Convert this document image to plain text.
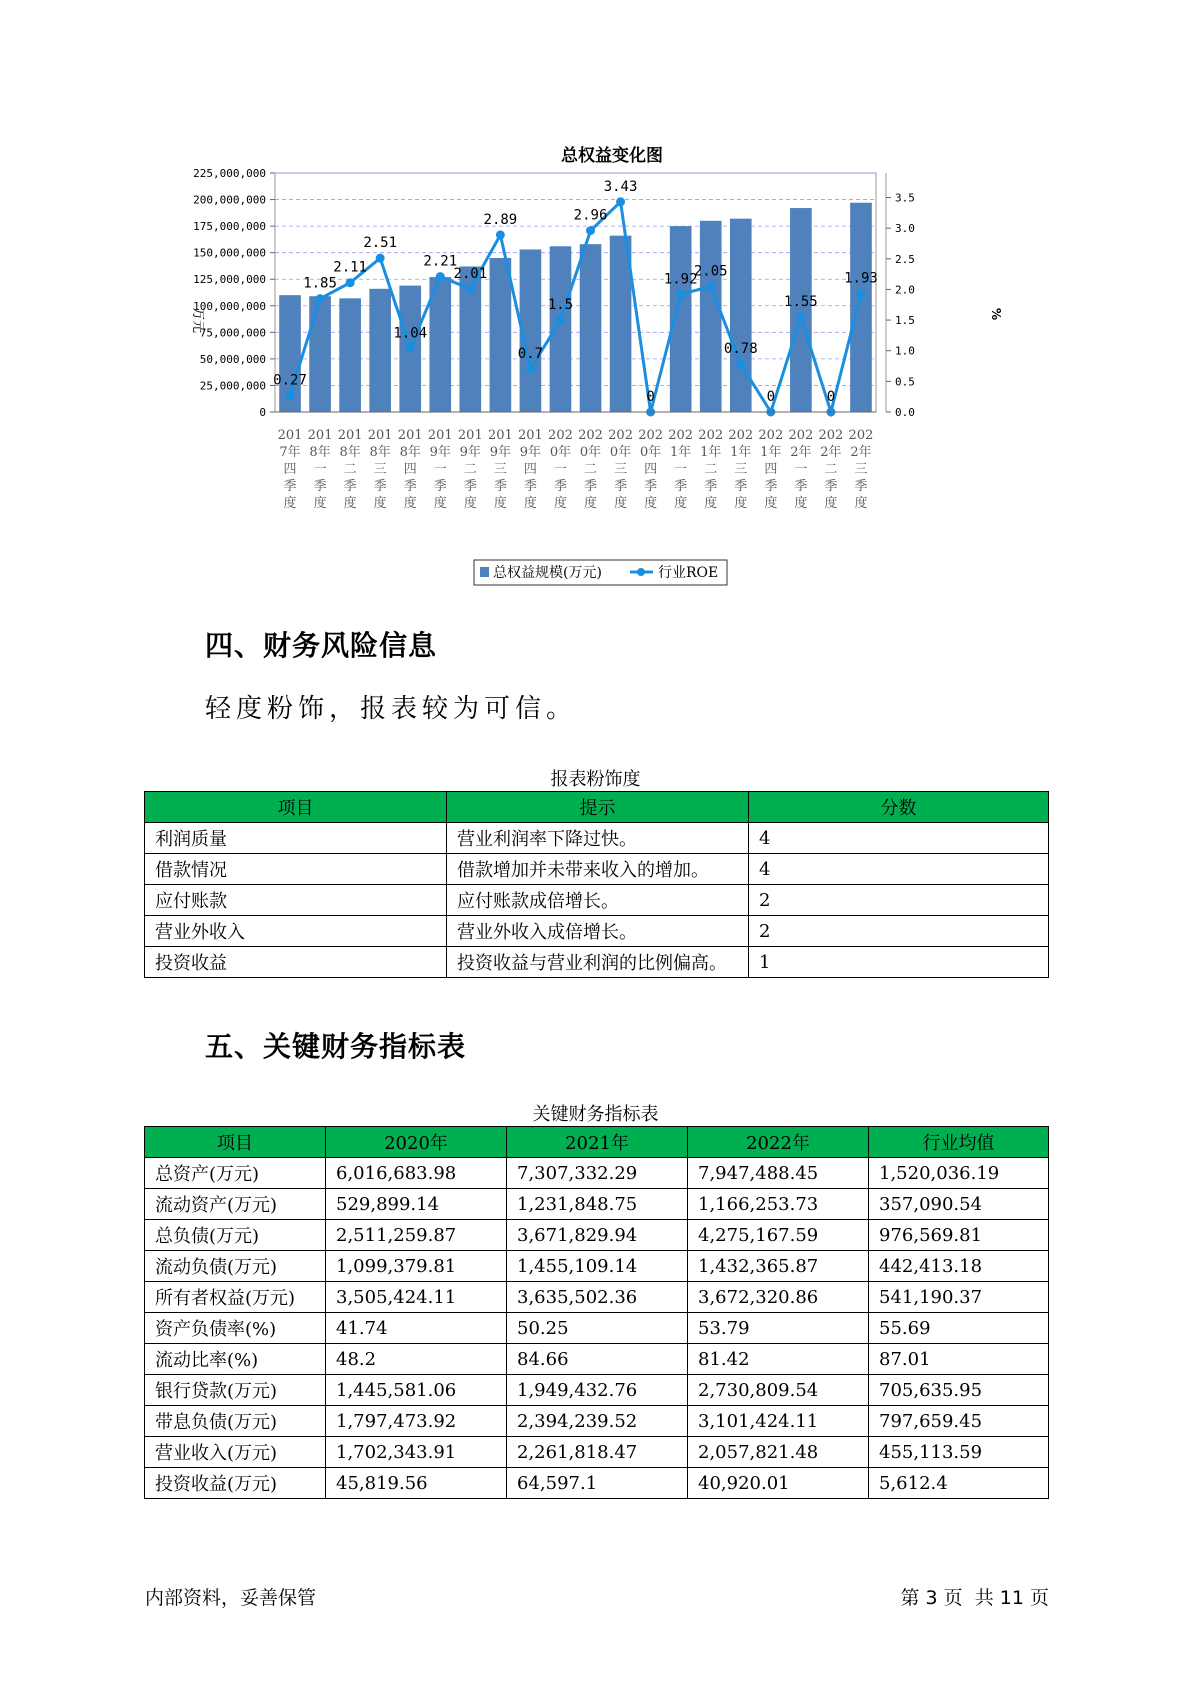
总权益变化图
0
25,000,000
50,000,000
75,000,000
100,000,000
125,000,000
150,000,000
175,000,000
200,000,000
225,000,000
0.0
0.5
1.0
1.5
2.0
2.5
3.0
3.5
0.27
1.85
2.11
2.51
1.04
2.21
2.01
2.89
0.7
1.5
2.96
3.43
0
1.92
2.05
0.78
0
1.55
0
1.93
201
7年
四
季
度
201
8年
一
季
度
201
8年
二
季
度
201
8年
三
季
度
201
8年
四
季
度
201
9年
一
季
度
201
9年
二
季
度
201
9年
三
季
度
201
9年
四
季
度
202
0年
一
季
度
202
0年
二
季
度
202
0年
三
季
度
202
0年
四
季
度
202
1年
一
季
度
202
1年
二
季
度
202
1年
三
季
度
202
1年
四
季
度
202
2年
一
季
度
202
2年
二
季
度
202
2年
三
季
度
万元	%
总权益规模(万元)	行业ROE
四、财务风险信息

轻度粉饰，报表较为可信。

报表粉饰度
项目	提示	分数
利润质量	营业利润率下降过快。	4
借款情况	借款增加并未带来收入的增加。	4
应付账款	应付账款成倍增长。	2
营业外收入	营业外收入成倍增长。	2
投资收益	投资收益与营业利润的比例偏高。	1
五、关键财务指标表
关键财务指标表
项目	2020年	2021年	2022年	行业均值
总资产(万元)	6,016,683.98	7,307,332.29	7,947,488.45	1,520,036.19
流动资产(万元)	529,899.14	1,231,848.75	1,166,253.73	357,090.54
总负债(万元)	2,511,259.87	3,671,829.94	4,275,167.59	976,569.81
流动负债(万元)	1,099,379.81	1,455,109.14	1,432,365.87	442,413.18
所有者权益(万元)	3,505,424.11	3,635,502.36	3,672,320.86	541,190.37
资产负债率(%)	41.74	50.25	53.79	55.69
流动比率(%)	48.2	84.66	81.42	87.01
银行贷款(万元)	1,445,581.06	1,949,432.76	2,730,809.54	705,635.95
带息负债(万元)	1,797,473.92	2,394,239.52	3,101,424.11	797,659.45
营业收入(万元)	1,702,343.91	2,261,818.47	2,057,821.48	455,113.59
投资收益(万元)	45,819.56	64,597.1	40,920.01	5,612.4
内部资料，妥善保管	第 3 页  共 11 页
